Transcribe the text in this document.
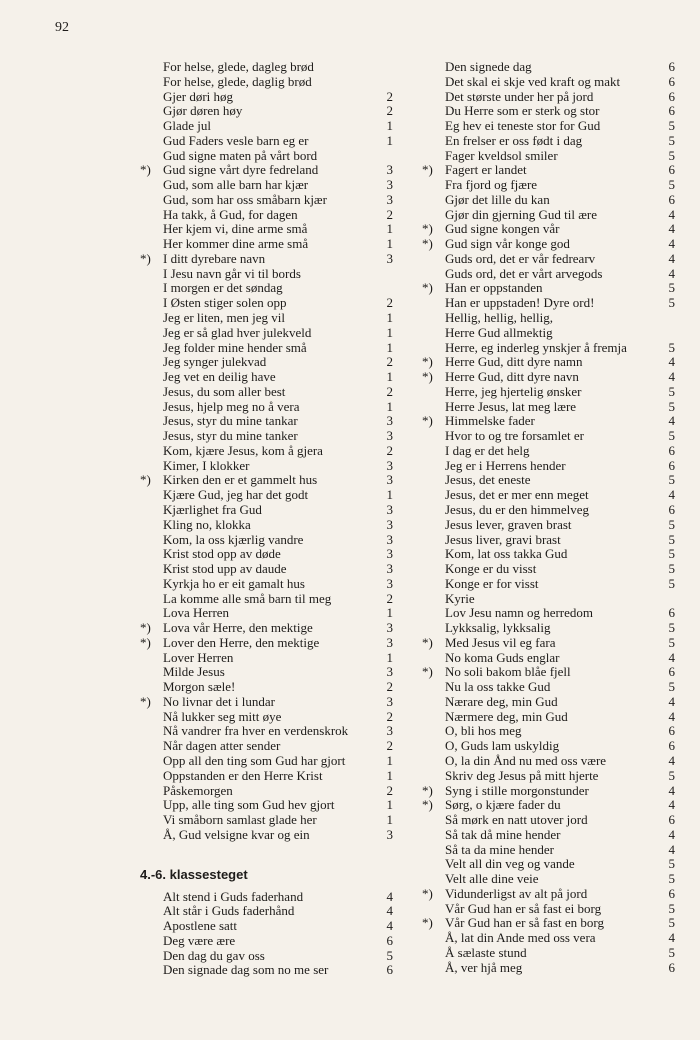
92
For helse, glede, dagleg brød
For helse, glede, daglig brød
Gjer døri høg	2
Gjør døren høy	2
Glade jul	1
Gud Faders vesle barn eg er	1
Gud signe maten på vårt bord
*) Gud signe vårt dyre fedreland	3
Gud, som alle barn har kjær	3
Gud, som har oss småbarn kjær	3
Ha takk, å Gud, for dagen	2
Her kjem vi, dine arme små	1
Her kommer dine arme små	1
*) I ditt dyrebare navn	3
I Jesu navn går vi til bords
I morgen er det søndag
I Østen stiger solen opp	2
Jeg er liten, men jeg vil	1
Jeg er så glad hver julekveld	1
Jeg folder mine hender små	1
Jeg synger julekvad	2
Jeg vet en deilig have	1
Jesus, du som aller best	2
Jesus, hjelp meg no å vera	1
Jesus, styr du mine tankar	3
Jesus, styr du mine tanker	3
Kom, kjære Jesus, kom å gjera	2
Kimer, I klokker	3
*) Kirken den er et gammelt hus	3
Kjære Gud, jeg har det godt	1
Kjærlighet fra Gud	3
Kling no, klokka	3
Kom, la oss kjærlig vandre	3
Krist stod opp av døde	3
Krist stod upp av daude	3
Kyrkja ho er eit gamalt hus	3
La komme alle små barn til meg	2
Lova Herren	1
*) Lova vår Herre, den mektige	3
*) Lover den Herre, den mektige	3
Lover Herren	1
Milde Jesus	3
Morgon sæle!	2
*) No livnar det i lundar	3
Nå lukker seg mitt øye	2
Nå vandrer fra hver en verdenskrok	3
Når dagen atter sender	2
Opp all den ting som Gud har gjort	1
Oppstanden er den Herre Krist	1
Påskemorgen	2
Upp, alle ting som Gud hev gjort	1
Vi småborn samlast glade her	1
Å, Gud velsigne kvar og ein	3
4.-6. klassesteget
Alt stend i Guds faderhand	4
Alt står i Guds faderhånd	4
Apostlene satt	4
Deg være ære	6
Den dag du gav oss	5
Den signade dag som no me ser	6
Den signede dag	6
Det skal ei skje ved kraft og makt	6
Det største under her på jord	6
Du Herre som er sterk og stor	6
Eg hev ei teneste stor for Gud	5
En frelser er oss født i dag	5
Fager kveldsol smiler	5
*) Fagert er landet	6
Fra fjord og fjære	5
Gjør det lille du kan	6
Gjør din gjerning Gud til ære	4
*) Gud signe kongen vår	4
*) Gud sign vår konge god	4
Guds ord, det er vår fedrearv	4
Guds ord, det er vårt arvegods	4
*) Han er oppstanden	5
Han er uppstaden! Dyre ord!	5
Hellig, hellig, hellig,
Herre Gud allmektig
Herre, eg inderleg ynskjer å fremja	5
*) Herre Gud, ditt dyre namn	4
*) Herre Gud, ditt dyre navn	4
Herre, jeg hjertelig ønsker	5
Herre Jesus, lat meg lære	5
*) Himmelske fader	4
Hvor to og tre forsamlet er	5
I dag er det helg	6
Jeg er i Herrens hender	6
Jesus, det eneste	5
Jesus, det er mer enn meget	4
Jesus, du er den himmelveg	6
Jesus lever, graven brast	5
Jesus liver, gravi brast	5
Kom, lat oss takka Gud	5
Konge er du visst	5
Konge er for visst	5
Kyrie
Lov Jesu namn og herredom	6
Lykksalig, lykksalig	5
*) Med Jesus vil eg fara	5
No koma Guds englar	4
*) No soli bakom blåe fjell	6
Nu la oss takke Gud	5
Nærare deg, min Gud	4
Nærmere deg, min Gud	4
O, bli hos meg	6
O, Guds lam uskyldig	6
O, la din Ånd nu med oss være	4
Skriv deg Jesus på mitt hjerte	5
*) Syng i stille morgonstunder	4
*) Sørg, o kjære fader du	4
Så mørk en natt utover jord	6
Så tak då mine hender	4
Så ta da mine hender	4
Velt all din veg og vande	5
Velt alle dine veie	5
*) Vidunderligst av alt på jord	6
Vår Gud han er så fast ei borg	5
*) Vår Gud han er så fast en borg	5
Å, lat din Ande med oss vera	4
Å sælaste stund	5
Å, ver hjå meg	6
